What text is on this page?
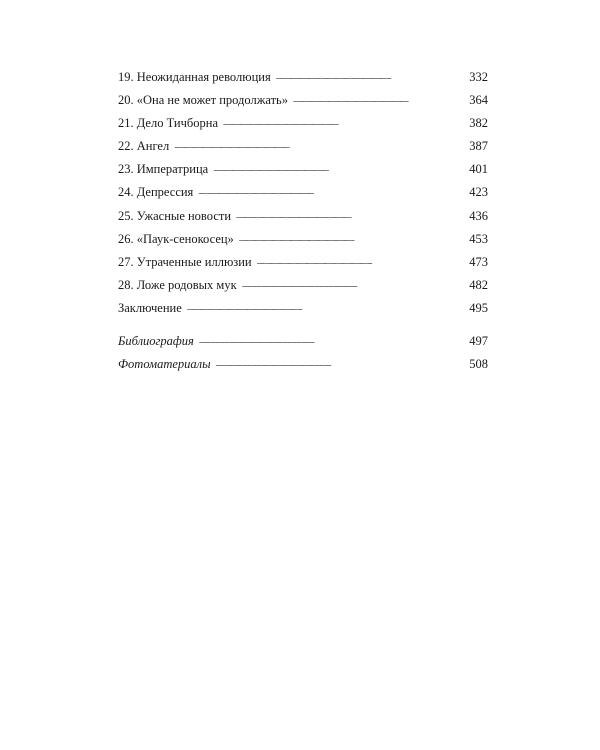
19. Неожиданная революция . . .	332
20. «Она не может продолжать» . . .	364
21. Дело Тичборна . . .	382
22. Ангел . . .	387
23. Императрица . . .	401
24. Депрессия . . .	423
25. Ужасные новости . . .	436
26. «Паук-сенокосец» . . .	453
27. Утраченные иллюзии . . .	473
28. Ложе родовых мук . . .	482
Заключение . . .	495
Библиография . . .	497
Фотоматериалы . . .	508
